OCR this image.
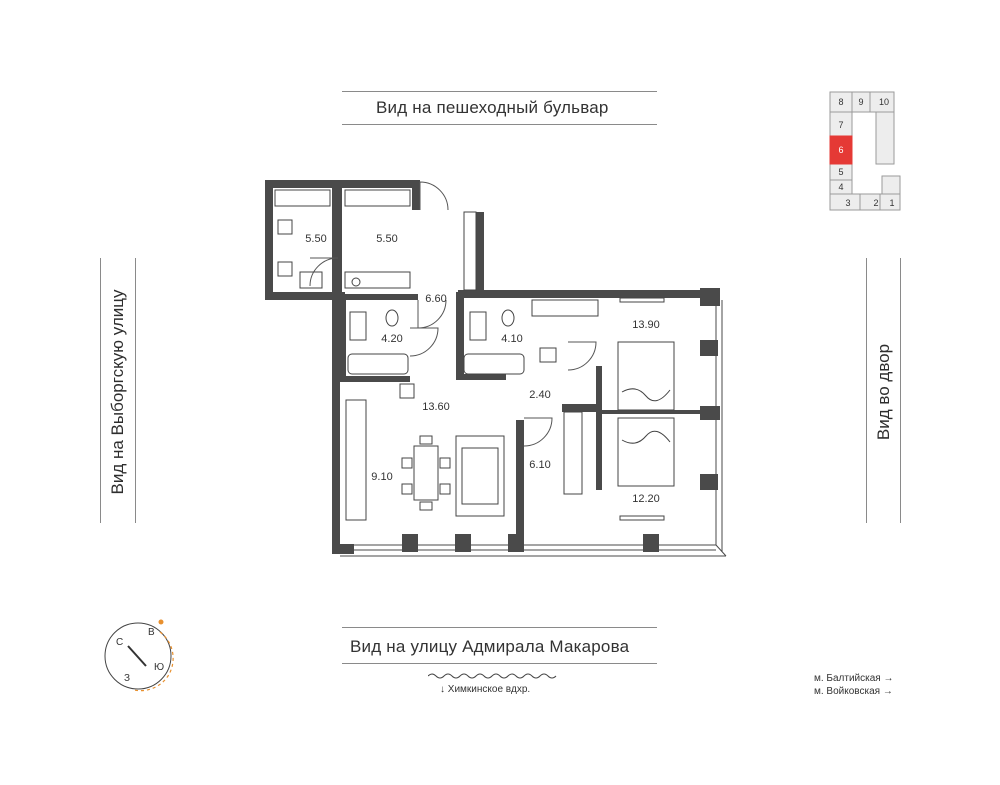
Вид на пешеходный бульвар
Вид на улицу Адмирала Макарова
Вид на Выборгскую улицу	Вид во двор
↓ Химкинское вдхр.
м. Балтийская →
м. Войковская →
8 9 10
7
6
5
4
3	2 1
С
В
Ю
З
5.50	5.50
6.60
4.20	4.10
13.90
2.40
13.60
9.10
6.10
12.20
